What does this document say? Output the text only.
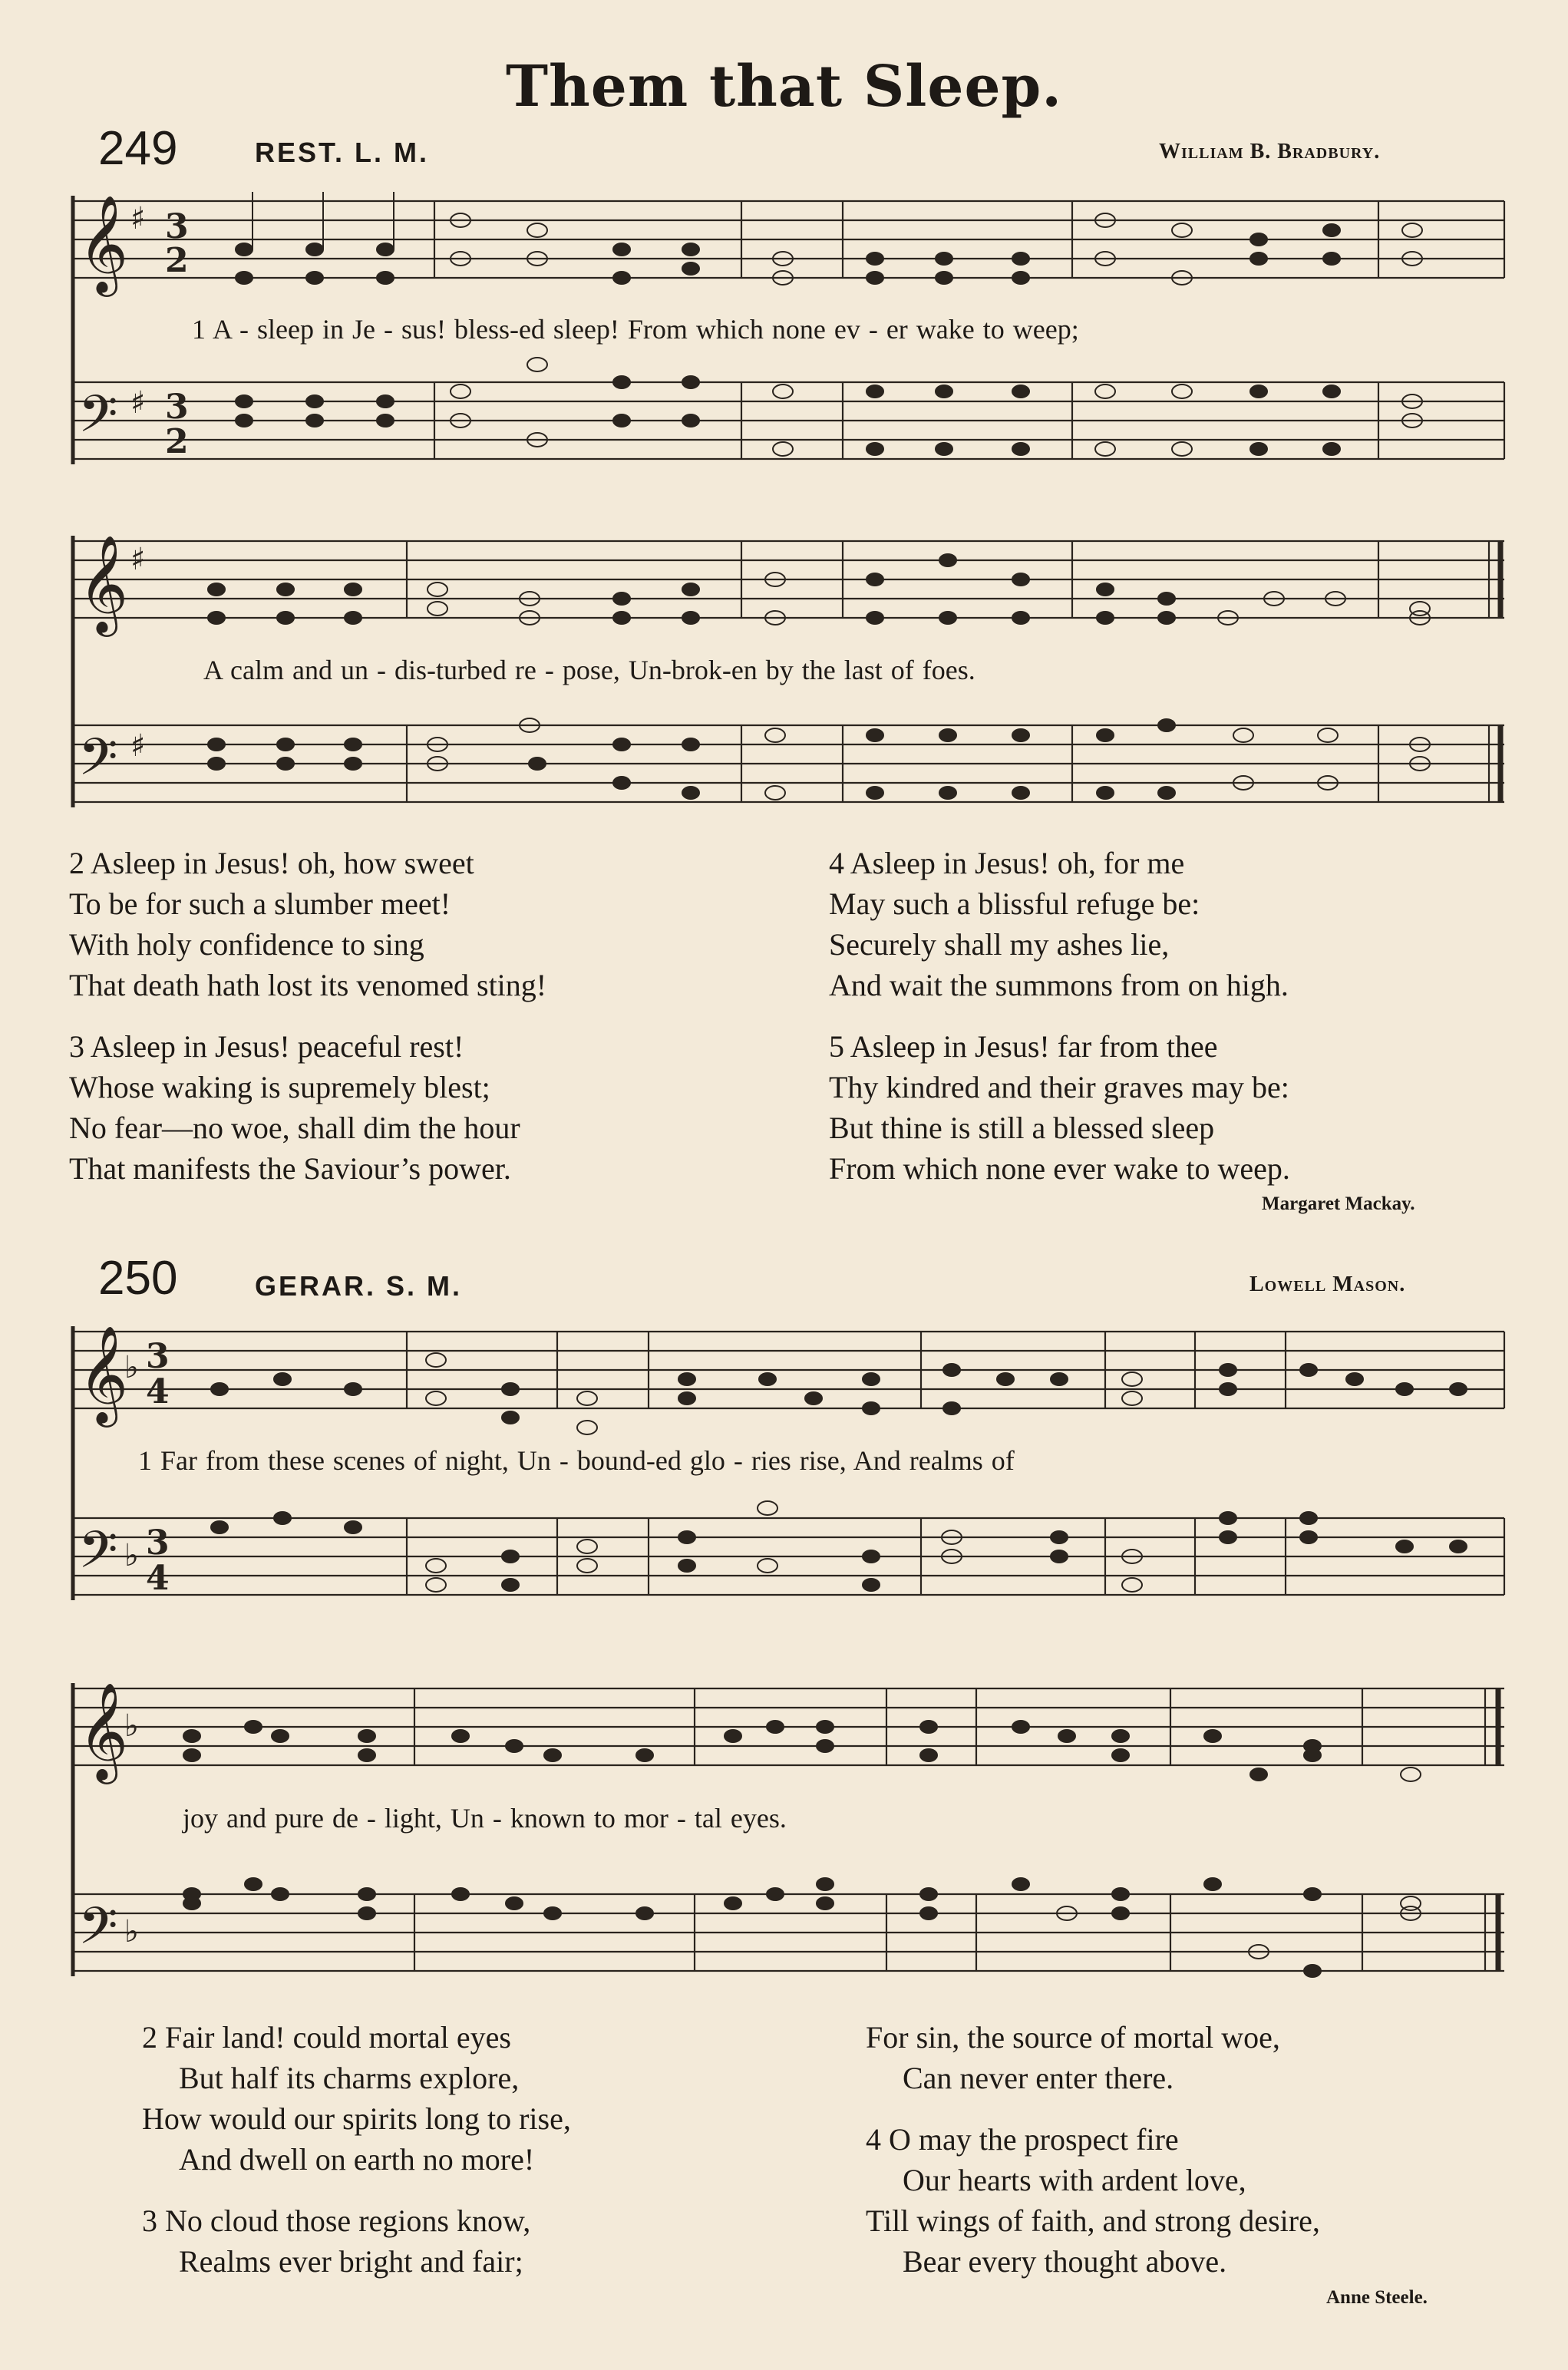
Them that Sleep.
249	REST. L. M.	William B. Bradbury.
𝄞
𝄢
♯
♯
3
2
3
2
1 A - sleep in Je - sus! bless-ed sleep! From which none ev - er wake to weep;
𝄞
𝄢
♯
♯
A calm and un - dis-turbed re - pose, Un-brok-en by the last of foes.
2 Asleep in Jesus! oh, how sweet
To be for such a slumber meet!
With holy confidence to sing
That death hath lost its venomed sting!
3 Asleep in Jesus! peaceful rest!
Whose waking is supremely blest;
No fear—no woe, shall dim the hour
That manifests the Saviour’s power.
4 Asleep in Jesus! oh, for me
May such a blissful refuge be:
Securely shall my ashes lie,
And wait the summons from on high.
5 Asleep in Jesus! far from thee
Thy kindred and their graves may be:
But thine is still a blessed sleep
From which none ever wake to weep.
Margaret Mackay.
250	GERAR. S. M.	Lowell Mason.
𝄞
𝄢
♭
♭
3
4
3
4
1 Far from these scenes of night, Un - bound-ed glo - ries rise, And realms of
𝄞
𝄢
♭
♭
joy and pure de - light, Un - known to mor - tal eyes.
2 Fair land! could mortal eyes
But half its charms explore,
How would our spirits long to rise,
And dwell on earth no more!
3 No cloud those regions know,
Realms ever bright and fair;
For sin, the source of mortal woe,
Can never enter there.
4 O may the prospect fire
Our hearts with ardent love,
Till wings of faith, and strong desire,
Bear every thought above.
Anne Steele.
